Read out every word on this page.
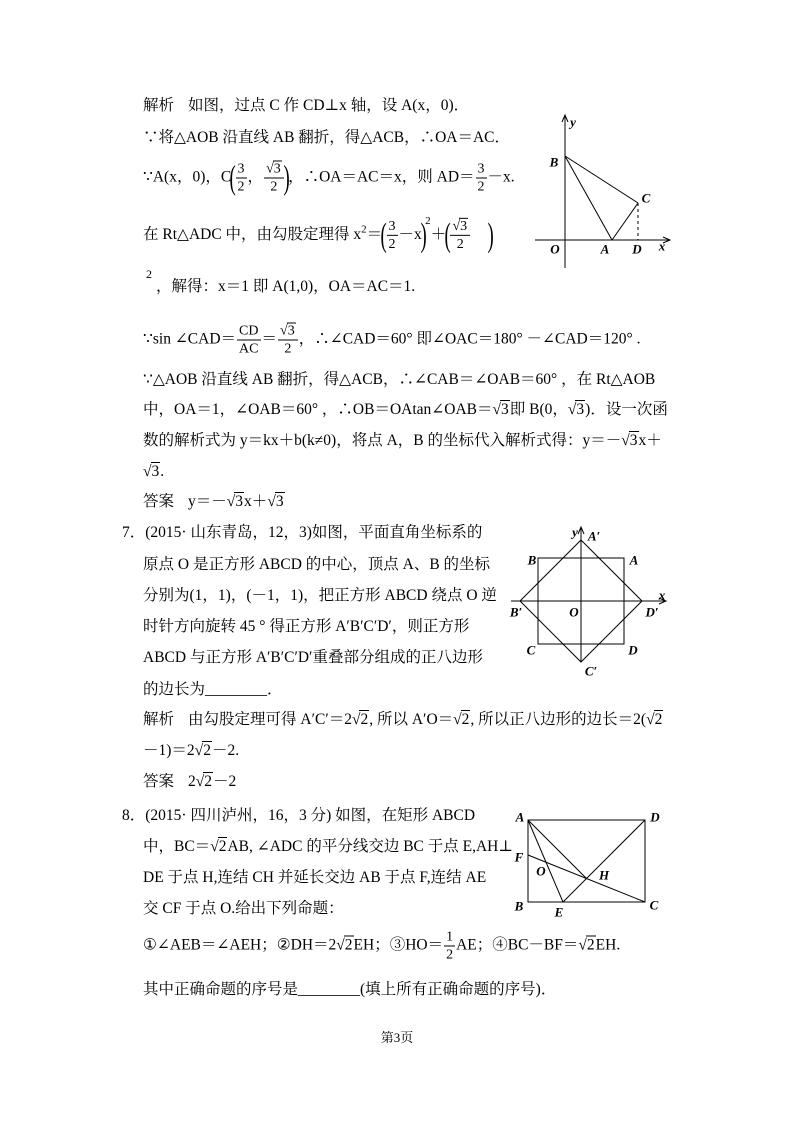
解析 如图，过点 C 作 CD⊥x 轴，设 A(x，0)．
∵将△AOB 沿直线 AB 翻折，得△ACB，∴OA＝AC．
∵A(x，0)，$C( \frac{3}{2}$ ， $\frac{√3}{2}$ )，∴OA＝AC＝x，则 $AD= \frac{3}{2} -x$.
在 Rt△ADC 中，由勾股定理得 $x^2=( \frac{3}{2} -x)^2+( \frac{√3}{2}$ )
2，解得：x＝1 即 A(1,0)，OA＝AC＝1.
∵sin ∠CAD＝ $\frac{CD}{AC} = \frac{√3}{2}$ ，∴∠CAD＝60° 即∠OAC＝180° －∠CAD＝120° .
∵△AOB 沿直线 AB 翻折，得△ACB，∴∠CAB＝∠OAB＝60° ，在 Rt△AOB
中，OA＝1，∠OAB＝60° ，∴OB＝OAtan∠OAB＝√3即 B(0，√3)．设一次函
数的解析式为 y＝kx＋b(k≠0)，将点 A，B 的坐标代入解析式得：y＝－√3x＋
√3.
答案 y＝－√3x＋√3
y
B
C
O	A D x
7．(2015· 山东青岛，12，3)如图，平面直角坐标系的
原点 O 是正方形 ABCD 的中心，顶点 A、B 的坐标
分别为(1，1)，(－1，1)，把正方形 ABCD 绕点 O 逆
时针方向旋转 45 ° 得正方形 A′B′C′D′，则正方形
ABCD 与正方形 A′B′C′D′重叠部分组成的正八边形
的边长为________．
解析 由勾股定理可得 A′C′＝2√2, 所以 A′O＝√2, 所以正八边形的边长＝2(√2
－1)＝2√2－2.
答案 2√2－2
y A′
B	A
x
B′	O	D′
C	D
C′
8．(2015· 四川泸州，16，3 分) 如图，在矩形 ABCD
中，BC＝√2AB, ∠ADC 的平分线交边 BC 于点 E,AH⊥
DE 于点 H,连结 CH 并延长交边 AB 于点 F,连结 AE
交 CF 于点 O.给出下列命题：
①∠AEB＝∠AEH；②DH＝2√2EH；③HO＝ $\frac{1}{2}$ AE；④BC－BF＝√2EH.
其中正确命题的序号是________(填上所有正确命题的序号)．
A	D
F
O	H
B E	C
第3页
